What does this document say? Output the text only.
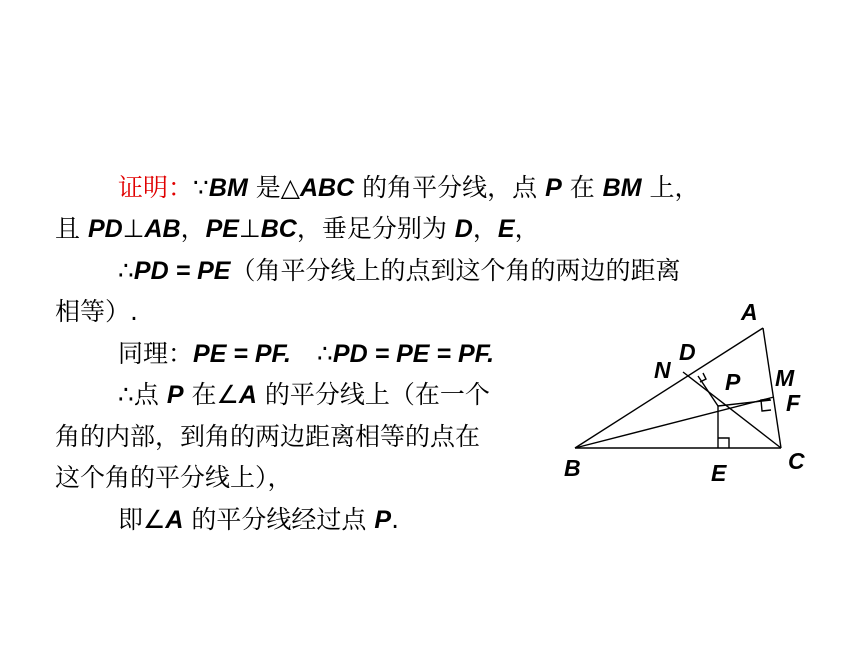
证明：∵BM 是△ABC 的角平分线，点 P 在 BM 上，
且 PD⊥AB，PE⊥BC，垂足分别为 D，E，
∴PD = PE（角平分线上的点到这个角的两边的距离
相等）.
同理：PE = PF. ∴PD = PE = PF.
∴点 P 在∠A 的平分线上（在一个
角的内部，到角的两边距离相等的点在
这个角的平分线上），
即∠A 的平分线经过点 P.
A
B	C
D
E
F
M
N P
